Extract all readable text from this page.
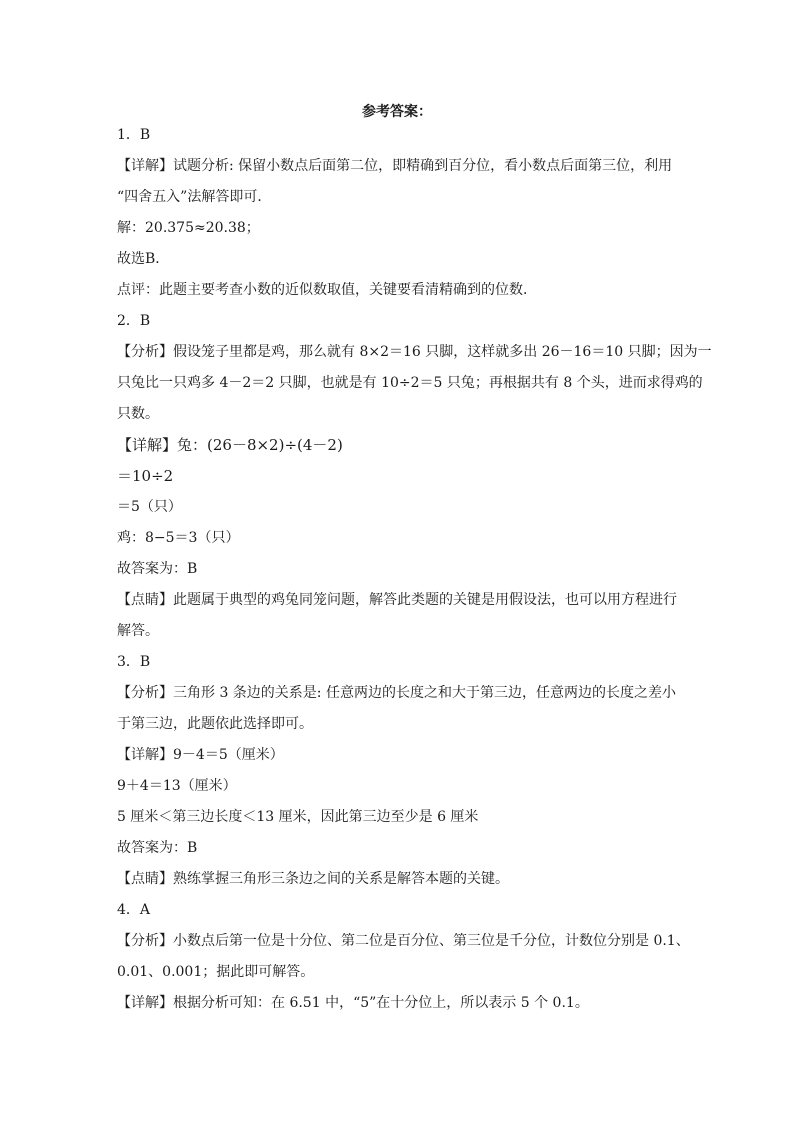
参考答案：

1．B

【详解】试题分析: 保留小数点后面第二位，即精确到百分位，看小数点后面第三位，利用

“四舍五入”法解答即可．

解：20.375≈20.38；

故选B．

点评：此题主要考查小数的近似数取值，关键要看清精确到的位数．

2．B

【分析】假设笼子里都是鸡，那么就有 8×2＝16 只脚，这样就多出 26－16＝10 只脚；因为一

只兔比一只鸡多 4－2＝2 只脚，也就是有 10÷2＝5 只兔；再根据共有 8 个头，进而求得鸡的

只数。

【详解】兔：(26－8×2)÷(4－2)

＝10÷2

＝5（只）

鸡：8−5＝3（只）

故答案为：B

【点睛】此题属于典型的鸡兔同笼问题，解答此类题的关键是用假设法，也可以用方程进行

解答。

3．B

【分析】三角形 3 条边的关系是: 任意两边的长度之和大于第三边，任意两边的长度之差小

于第三边，此题依此选择即可。

【详解】9－4＝5（厘米）

9＋4＝13（厘米）

5 厘米＜第三边长度＜13 厘米，因此第三边至少是 6 厘米

故答案为：B

【点睛】熟练掌握三角形三条边之间的关系是解答本题的关键。

4．A

【分析】小数点后第一位是十分位、第二位是百分位、第三位是千分位，计数位分别是 0.1、

0.01、0.001；据此即可解答。

【详解】根据分析可知：在 6.51 中，“5”在十分位上，所以表示 5 个 0.1。
